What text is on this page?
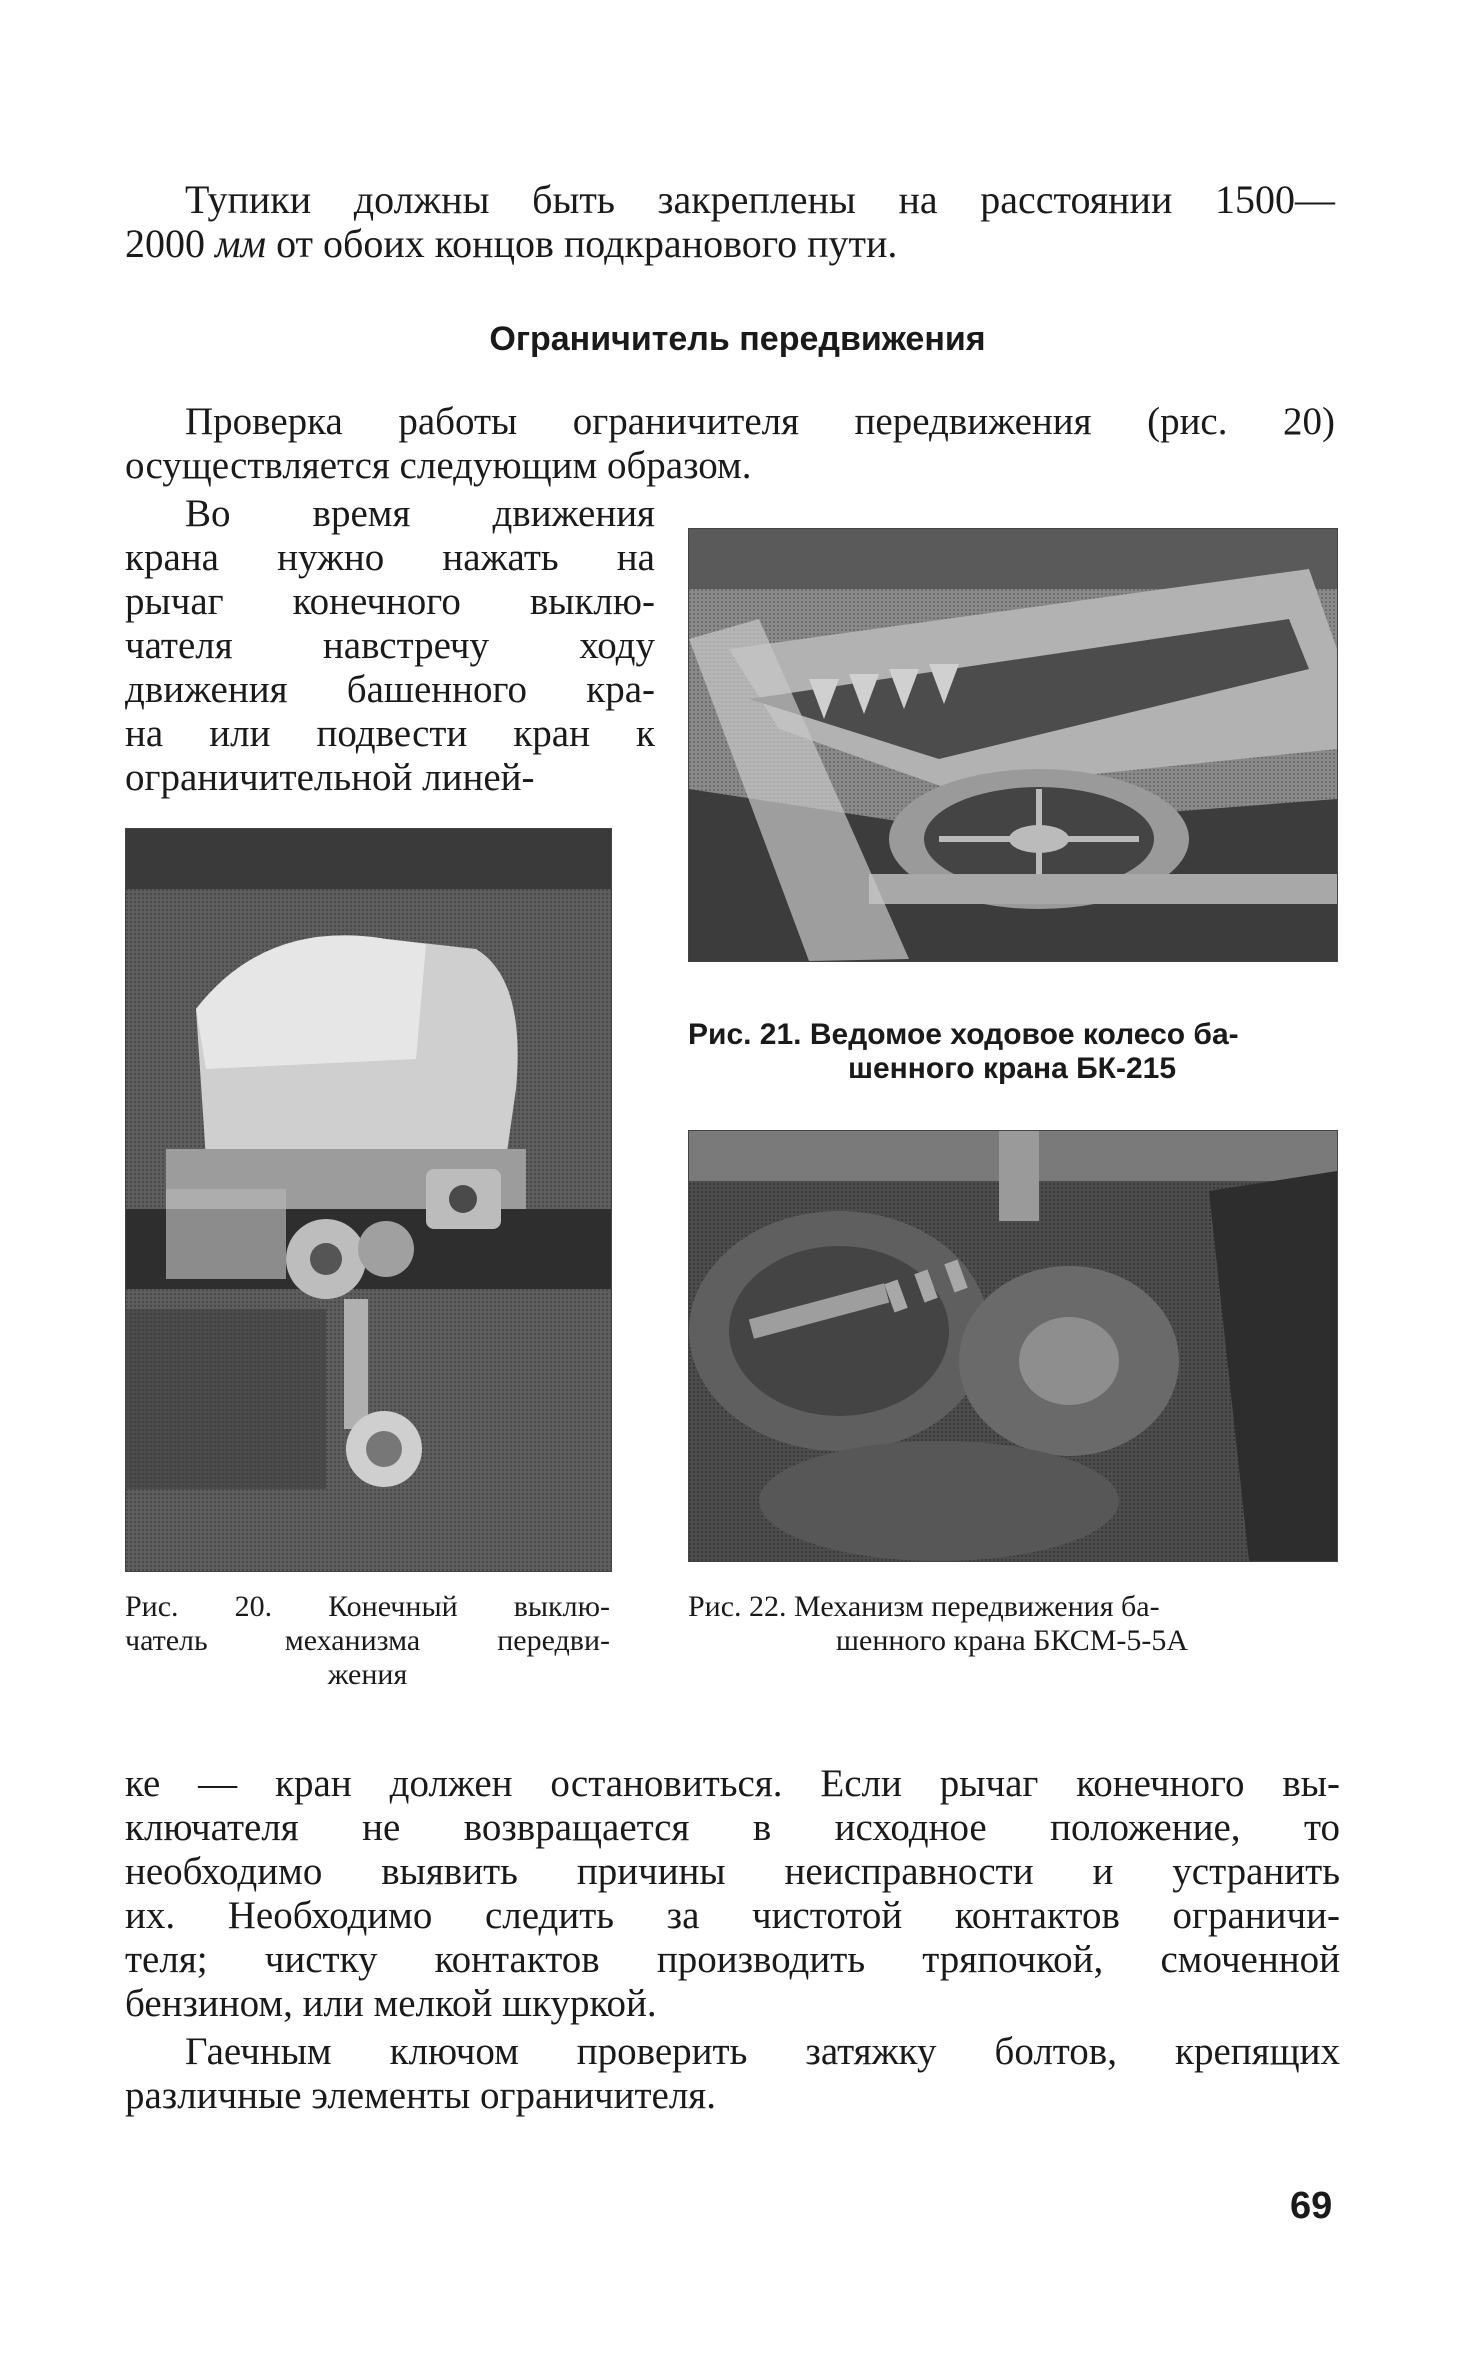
Тупики должны быть закреплены на расстоянии 1500—
2000 мм от обоих концов подкранового пути.
Ограничитель передвижения
Проверка работы ограничителя передвижения (рис. 20)
осуществляется следующим образом.
Во время движения
крана нужно нажать на
рычаг конечного выклю-
чателя навстречу ходу
движения башенного кра-
на или подвести кран к
ограничительной линей-
Рис. 21. Ведомое ходовое колесо ба-
шенного крана БК-215
Рис. 20. Конечный выклю-
чатель механизма передви-
жения
Рис. 22. Механизм передвижения ба-
шенного крана БКСМ-5-5А
ке — кран должен остановиться. Если рычаг конечного вы-
ключателя не возвращается в исходное положение, то
необходимо выявить причины неисправности и устранить
их. Необходимо следить за чистотой контактов ограничи-
теля; чистку контактов производить тряпочкой, смоченной
бензином, или мелкой шкуркой.
Гаечным ключом проверить затяжку болтов, крепящих
различные элементы ограничителя.
69
